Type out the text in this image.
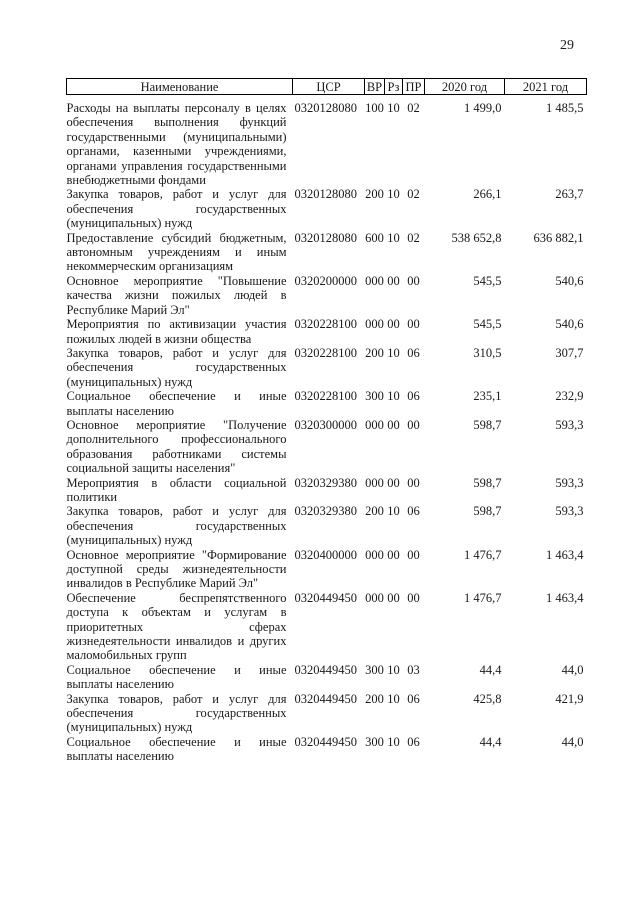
29
Наименование	ЦСР	ВР	Рз	ПР	2020 год	2021 год
Расходы на выплаты персоналу в целях обеспечения выполнения функций государственными (муниципальными) органами, казенными учреждениями, органами управления государственными внебюджетными фондами	0320128080	100	10	02	1 499,0	1 485,5
Закупка товаров, работ и услуг для обеспечения государственных (муниципальных) нужд	0320128080	200	10	02	266,1	263,7
Предоставление субсидий бюджетным, автономным учреждениям и иным некоммерческим организациям	0320128080	600	10	02	538 652,8	636 882,1
Основное мероприятие "Повышение качества жизни пожилых людей в Республике Марий Эл"	0320200000	000	00	00	545,5	540,6
Мероприятия по активизации участия пожилых людей в жизни общества	0320228100	000	00	00	545,5	540,6
Закупка товаров, работ и услуг для обеспечения государственных (муниципальных) нужд	0320228100	200	10	06	310,5	307,7
Социальное обеспечение и иные выплаты населению	0320228100	300	10	06	235,1	232,9
Основное мероприятие "Получение дополнительного профессионального образования работниками системы социальной защиты населения"	0320300000	000	00	00	598,7	593,3
Мероприятия в области социальной политики	0320329380	000	00	00	598,7	593,3
Закупка товаров, работ и услуг для обеспечения государственных (муниципальных) нужд	0320329380	200	10	06	598,7	593,3
Основное мероприятие "Формирование доступной среды жизнедеятельности инвалидов в Республике Марий Эл"	0320400000	000	00	00	1 476,7	1 463,4
Обеспечение беспрепятственного доступа к объектам и услугам в приоритетных сферах жизнедеятельности инвалидов и других маломобильных групп	0320449450	000	00	00	1 476,7	1 463,4
Социальное обеспечение и иные выплаты населению	0320449450	300	10	03	44,4	44,0
Закупка товаров, работ и услуг для обеспечения государственных (муниципальных) нужд	0320449450	200	10	06	425,8	421,9
Социальное обеспечение и иные выплаты населению	0320449450	300	10	06	44,4	44,0
